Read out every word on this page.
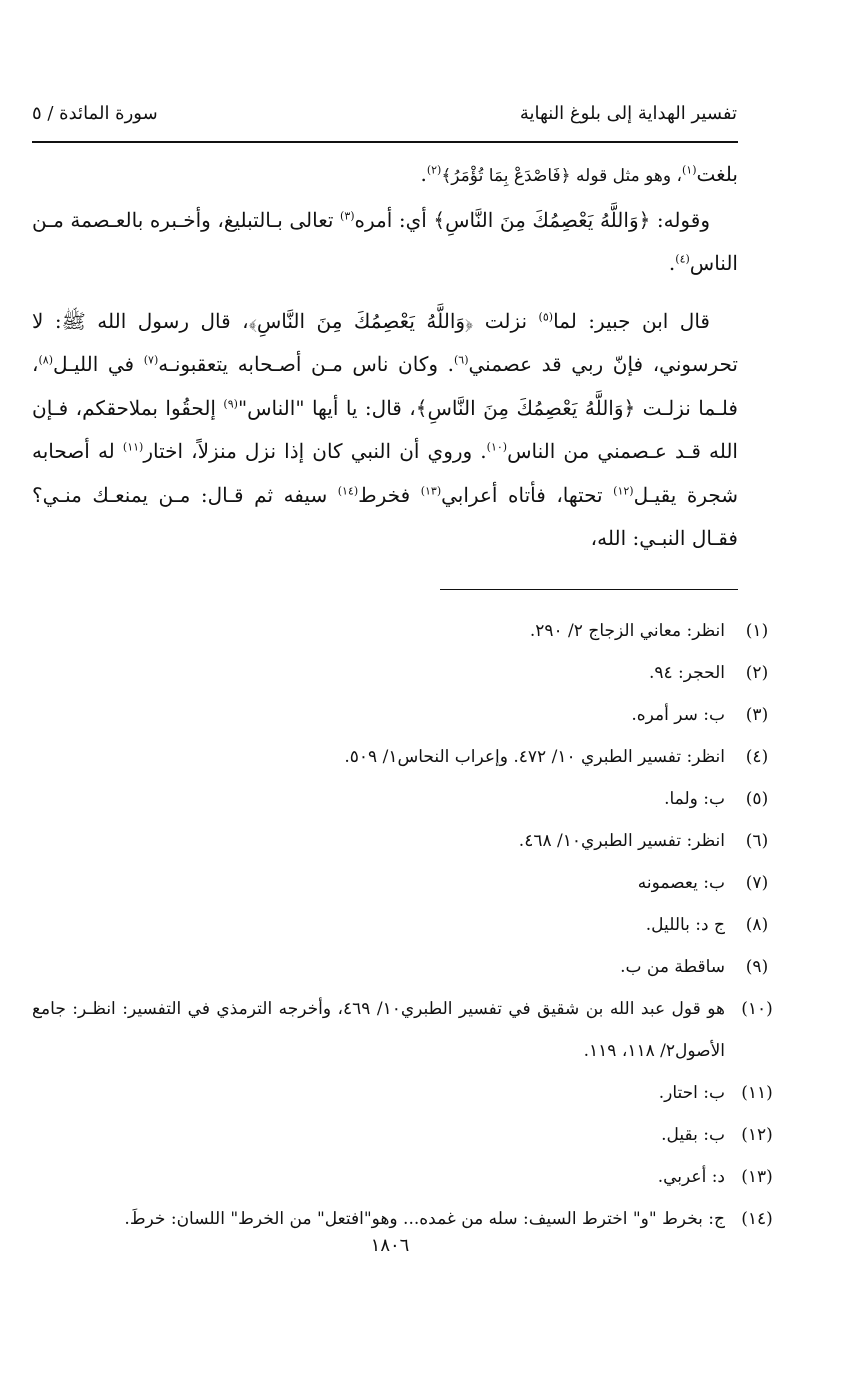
تفسير الهداية إلى بلوغ النهاية
سورة المائدة / ٥

بلغت$^{(١)}$، وهو مثل قوله ﴿فَاصْدَعْ بِمَا تُؤْمَرُ﴾$^{(٢)}$.

وقوله: ﴿وَاللَّهُ يَعْصِمُكَ مِنَ النَّاسِ﴾ أي: أمره$^{(٣)}$ تعالى بـالتبليغ، وأخـبره بالعـصمة مـن الناس$^{(٤)}$.

قال ابن جبير: لما$^{(٥)}$ نزلت ﴿وَاللَّهُ يَعْصِمُكَ مِنَ النَّاسِ﴾، قال رسول الله ﷺ: لا تحرسوني، فإنّ ربي قد عصمني$^{(٦)}$. وكان ناس مـن أصـحابه يتعقبونـه$^{(٧)}$ في الليـل$^{(٨)}$، فلـما نزلـت ﴿وَاللَّهُ يَعْصِمُكَ مِنَ النَّاسِ﴾، قال: يا أيها "الناس"$^{(٩)}$ إلحقُوا بملاحقكم، فـإن الله قـد عـصمني من الناس$^{(١٠)}$. وروي أن النبي كان إذا نزل منزلاً، اختار$^{(١١)}$ له أصحابه شجرة يقيـل$^{(١٢)}$ تحتها، فأتاه أعرابي$^{(١٣)}$ فخرط$^{(١٤)}$ سيفه ثم قـال: مـن يمنعـك منـي؟ فقـال النبـي: الله،

(١)
انظر: معاني الزجاج ٢/ ٢٩٠.
(٢)
الحجر: ٩٤.
(٣)
ب: سر أمره.
(٤)
انظر: تفسير الطبري ١٠/ ٤٧٢. وإعراب النحاس١/ ٥٠٩.
(٥)
ب: ولما.
(٦)
انظر: تفسير الطبري١٠/ ٤٦٨.
(٧)
ب: يعصمونه
(٨)
ج د: بالليل.
(٩)
ساقطة من ب.
(١٠)
هو قول عبد الله بن شقيق في تفسير الطبري١٠/ ٤٦٩، وأخرجه الترمذي في التفسير: انظـر: جامع الأصول٢/ ١١٨، ١١٩.
(١١)
ب: احتار.
(١٢)
ب: بقيل.
(١٣)
د: أعربي.
(١٤)
ج: بخرط "و" اخترط السيف: سله من غمده... وهو"افتعل" من الخرط" اللسان: خرطَ.
١٨٠٦
